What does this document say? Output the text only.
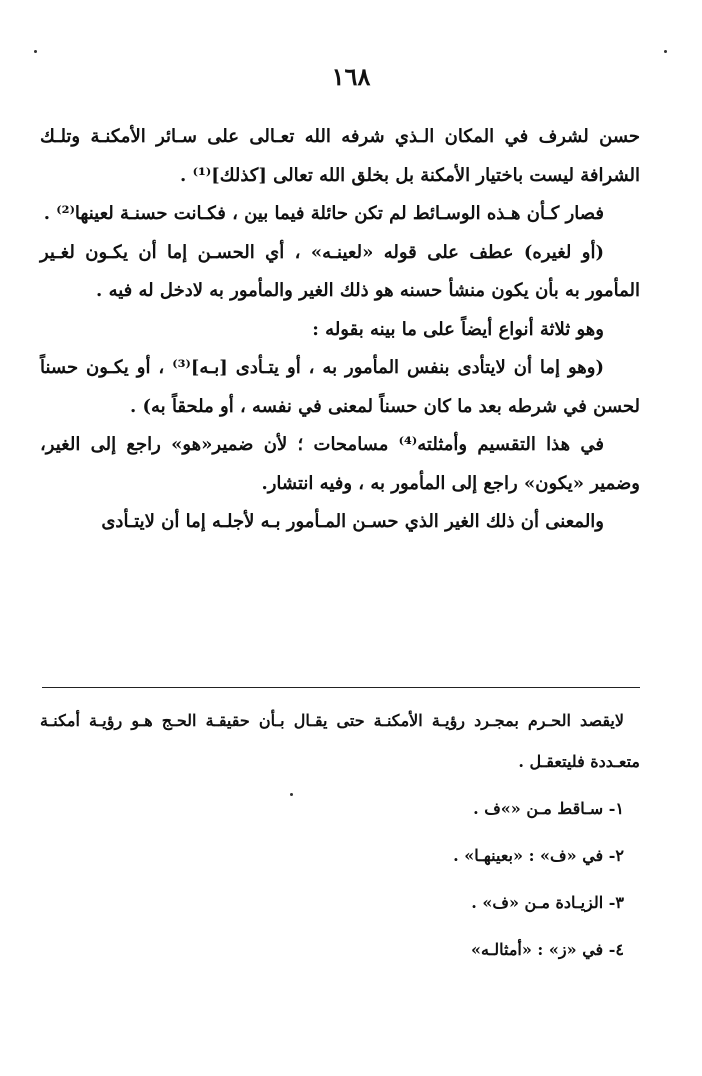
١٦٨

حسن لشرف في المكان الـذي شرفه الله تعـالى على سـائر الأمكنـة وتلـك الشرافة ليست باختيار الأمكنة بل بخلق الله تعالى [كذلك]⁽¹⁾ .

فصار كـأن هـذه الوسـائط لم تكن حائلة فيما بين ، فكـانت حسنـة لعينها⁽²⁾ .

(أو لغيره) عطف على قوله «لعينـه» ، أي الحسـن إما أن يكـون لغـير المأمور به بأن يكون منشأ حسنه هو ذلك الغير والمأمور به لادخل له فيه .

وهو ثلاثة أنواع أيضاً على ما بينه بقوله :

(وهو إما أن لايتأدى بنفس المأمور به ، أو يتـأدى [بـه]⁽³⁾ ، أو يكـون حسناً لحسن في شرطه بعد ما كان حسناً لمعنى في نفسه ، أو ملحقاً به) .

في هذا التقسيم وأمثلته⁽⁴⁾ مسامحات ؛ لأن ضمير«هو» راجع إلى الغير، وضمير «يكون» راجع إلى المأمور به ، وفيه انتشار.

والمعنى أن ذلك الغير الذي حسـن المـأمور بـه لأجلـه إما أن لايتـأدى

لايقصد الحـرم بمجـرد رؤيـة الأمكنـة حتى يقـال بـأن حقيقـة الحـج هـو رؤيـة أمكنـة متعـددة فليتعقـل .

١- سـاقط مـن «»ف .

٢- في «ف» : «بعينهـا» .

٣- الزيـادة مـن «ف» .

٤- في «ز» : «أمثالـه»
